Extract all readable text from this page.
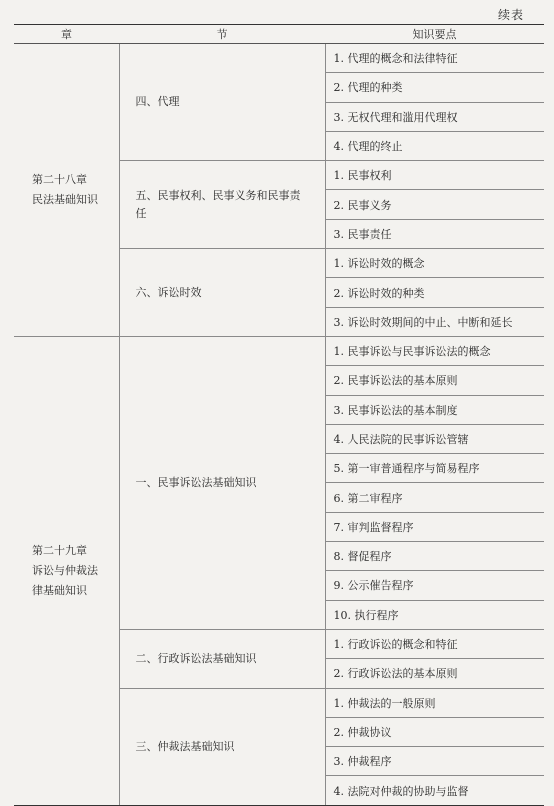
续表
章	节	知识要点
第二十八章　民法基础知识	四、代理	1. 代理的概念和法律特征
		2. 代理的种类
		3. 无权代理和滥用代理权
		4. 代理的终止
	五、民事权利、民事义务和民事责任	1. 民事权利
		2. 民事义务
		3. 民事责任
	六、诉讼时效	1. 诉讼时效的概念
		2. 诉讼时效的种类
		3. 诉讼时效期间的中止、中断和延长
第二十九章　诉讼与仲裁法律基础知识	一、民事诉讼法基础知识	1. 民事诉讼与民事诉讼法的概念
		2. 民事诉讼法的基本原则
		3. 民事诉讼法的基本制度
		4. 人民法院的民事诉讼管辖
		5. 第一审普通程序与简易程序
		6. 第二审程序
		7. 审判监督程序
		8. 督促程序
		9. 公示催告程序
		10. 执行程序
	二、行政诉讼法基础知识	1. 行政诉讼的概念和特征
		2. 行政诉讼法的基本原则
	三、仲裁法基础知识	1. 仲裁法的一般原则
		2. 仲裁协议
		3. 仲裁程序
		4. 法院对仲裁的协助与监督
